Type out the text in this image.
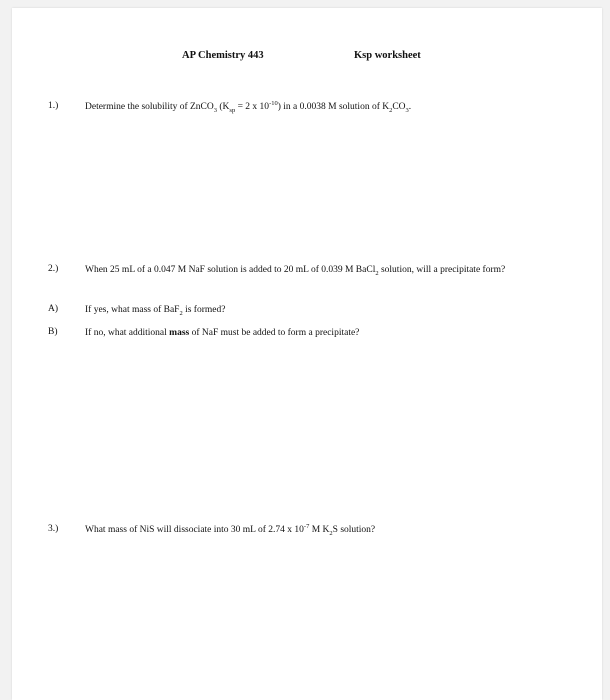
AP Chemistry 443	Ksp worksheet
1.)	Determine the solubility of ZnCO$_3$ ($K_{sp} = 2$ x $10^{-10}$) in a 0.0038 M solution of $K_2CO_3$.
2.)	When 25 mL of a 0.047 M NaF solution is added to 20 mL of 0.039 M BaCl$_2$ solution, will a precipitate form?
A)	If yes, what mass of BaF$_2$ is formed?
B)	If no, what additional mass of NaF must be added to form a precipitate?
3.)	What mass of NiS will dissociate into 30 mL of 2.74 x $10^{-7}$ M $K_2S$ solution?
